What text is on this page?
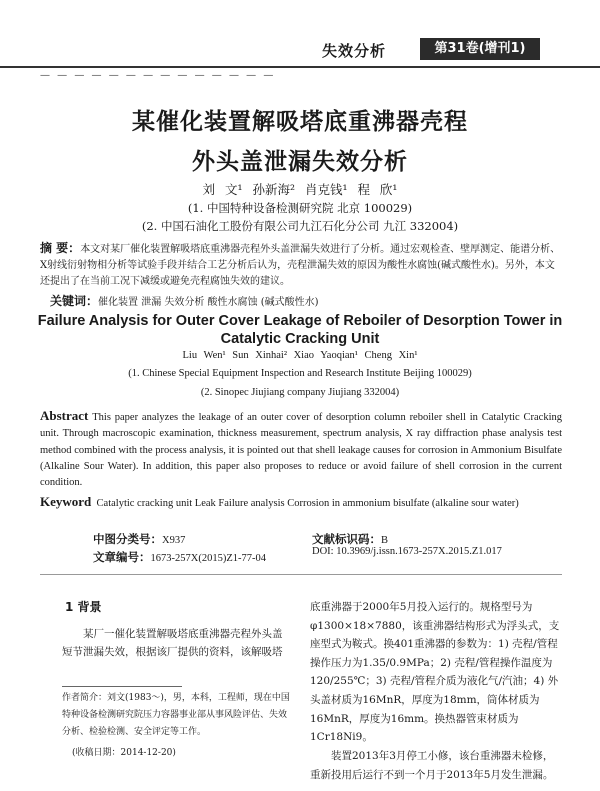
失效分析	第31卷(增刊1)
— — — — — — — — — — — — — —
某催化装置解吸塔底重沸器壳程
外头盖泄漏失效分析
刘 文¹ 孙新海² 肖克钱¹ 程 欣¹
(1. 中国特种设备检测研究院 北京 100029)
(2. 中国石油化工股份有限公司九江石化分公司 九江 332004)
摘 要：本文对某厂催化装置解吸塔底重沸器壳程外头盖泄漏失效进行了分析。通过宏观检查、壁厚测定、能谱分析、X射线衍射物相分析等试验手段并结合工艺分析后认为，壳程泄漏失效的原因为酸性水腐蚀(碱式酸性水)。另外，本文还提出了在当前工况下减缓或避免壳程腐蚀失效的建议。
关键词：催化装置 泄漏 失效分析 酸性水腐蚀 (碱式酸性水)
Failure Analysis for Outer Cover Leakage of Reboiler of Desorption Tower in
Catalytic Cracking Unit
Liu Wen¹ Sun Xinhai² Xiao Yaoqian¹ Cheng Xin¹
(1. Chinese Special Equipment Inspection and Research Institute Beijing 100029)
(2. Sinopec Jiujiang company Jiujiang 332004)
Abstract This paper analyzes the leakage of an outer cover of desorption column reboiler shell in Catalytic Cracking unit. Through macroscopic examination, thickness measurement, spectrum analysis, X ray diffraction phase analysis test method combined with the process analysis, it is pointed out that shell leakage causes for corrosion in Ammonium Bisulfate (Alkaline Sour Water). In addition, this paper also proposes to reduce or avoid failure of shell corrosion in the current condition.
Keyword Catalytic cracking unit Leak Failure analysis Corrosion in ammonium bisulfate (alkaline sour water)
中图分类号：X937	文献标识码：B
文章编号：1673-257X(2015)Z1-77-04
DOI: 10.3969/j.issn.1673-257X.2015.Z1.017
1 背景
某厂一催化装置解吸塔底重沸器壳程外头盖短节泄漏失效，根据该厂提供的资料，该解吸塔
作者简介：刘文(1983～)，男，本科，工程师，现在中国特种设备检测研究院压力容器事业部从事风险评估、失效分析、检验检测、安全评定等工作。
(收稿日期：2014-12-20)
底重沸器于2000年5月投入运行的。规格型号为φ1300×18×7880，该重沸器结构形式为浮头式，支座型式为鞍式。换401重沸器的参数为：1) 壳程/管程操作压力为1.35/0.9MPa；2) 壳程/管程操作温度为120/255℃；3) 壳程/管程介质为液化气/汽油；4) 外头盖材质为16MnR，厚度为18mm，筒体材质为16MnR，厚度为16mm。换热器管束材质为1Cr18Ni9。
装置2013年3月停工小修，该台重沸器未检修，重新投用后运行不到一个月于2013年5月发生泄漏。
